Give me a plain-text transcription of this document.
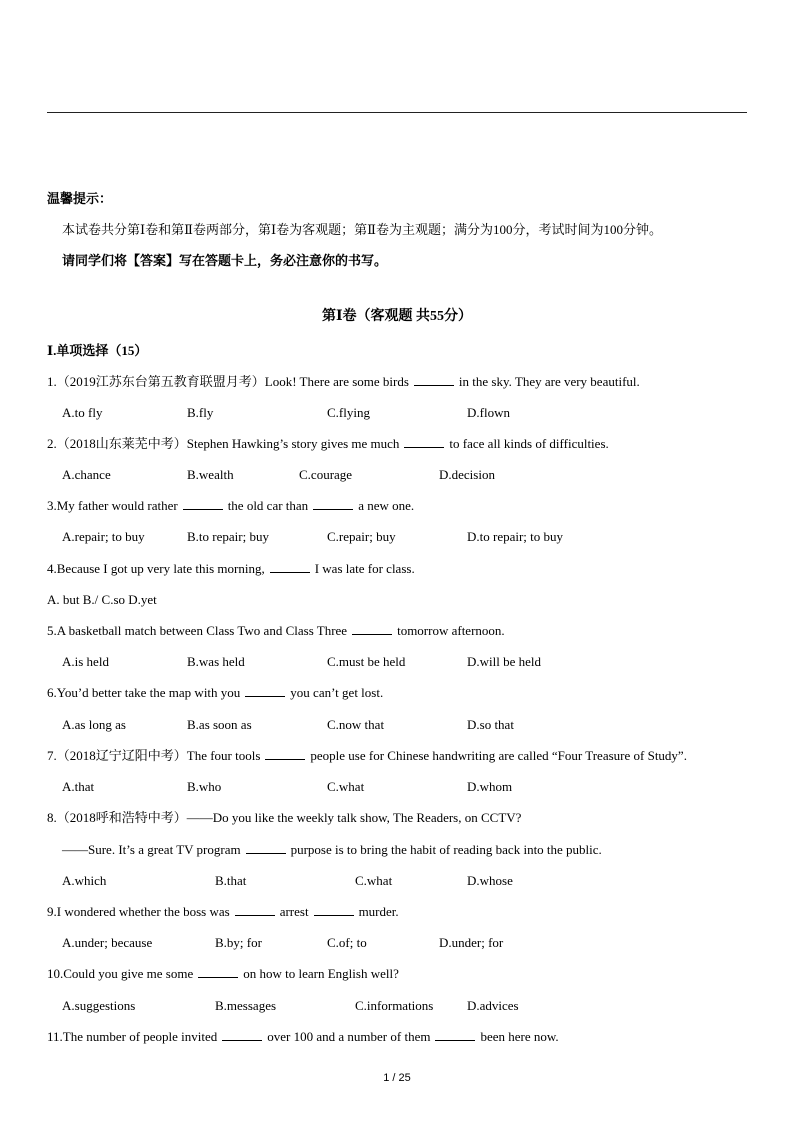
温馨提示：
本试卷共分第Ⅰ卷和第Ⅱ卷两部分，第Ⅰ卷为客观题；第Ⅱ卷为主观题；满分为100分，考试时间为100分钟。
请同学们将【答案】写在答题卡上，务必注意你的书写。
第Ⅰ卷（客观题 共55分）
Ⅰ.单项选择（15）
1.（2019江苏东台第五教育联盟月考）Look! There are some birds	in the sky. They are very beautiful.
A.to fly	B.fly	C.flying	D.flown
2.（2018山东莱芜中考）Stephen Hawking’s story gives me much	to face all kinds of difficulties.
A.chance	B.wealth	C.courage	D.decision
3.My father would rather	the old car than	a new one.
A.repair; to buy	B.to repair; buy	C.repair; buy	D.to repair; to buy
4.Because I got up very late this morning,	I was late for class.
A. but B./ C.so D.yet
5.A basketball match between Class Two and Class Three	tomorrow afternoon.
A.is held	B.was held	C.must be held	D.will be held
6.You’d better take the map with you	you can’t get lost.
A.as long as	B.as soon as	C.now that	D.so that
7.（2018辽宁辽阳中考）The four tools	people use for Chinese handwriting are called “Four Treasure of Study”.
A.that	B.who	C.what	D.whom
8.（2018呼和浩特中考）——Do you like the weekly talk show, The Readers, on CCTV?
——Sure. It’s a great TV program	purpose is to bring the habit of reading back into the public.
A.which	B.that	C.what	D.whose
9.I wondered whether the boss was	arrest	murder.
A.under; because	B.by; for	C.of; to	D.under; for
10.Could you give me some	on how to learn English well?
A.suggestions	B.messages	C.informations	D.advices
11.The number of people invited	over 100 and a number of them	been here now.
1 / 25
